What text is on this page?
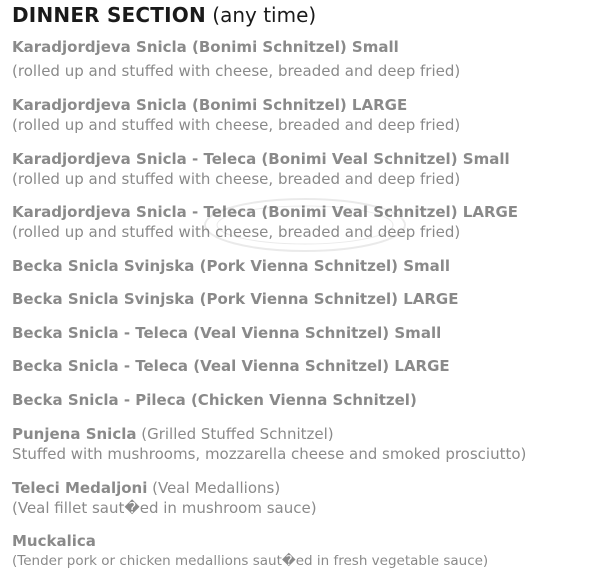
DINNER SECTION (any time)
Karadjordjeva Snicla (Bonimi Schnitzel) Small
(rolled up and stuffed with cheese, breaded and deep fried)
Karadjordjeva Snicla (Bonimi Schnitzel) LARGE
(rolled up and stuffed with cheese, breaded and deep fried)
Karadjordjeva Snicla - Teleca (Bonimi Veal Schnitzel) Small
(rolled up and stuffed with cheese, breaded and deep fried)
Karadjordjeva Snicla - Teleca (Bonimi Veal Schnitzel) LARGE
(rolled up and stuffed with cheese, breaded and deep fried)
Becka Snicla Svinjska (Pork Vienna Schnitzel) Small
Becka Snicla Svinjska (Pork Vienna Schnitzel) LARGE
Becka Snicla - Teleca (Veal Vienna Schnitzel) Small
Becka Snicla - Teleca (Veal Vienna Schnitzel) LARGE
Becka Snicla - Pileca (Chicken Vienna Schnitzel)
Punjena Snicla (Grilled Stuffed Schnitzel)
Stuffed with mushrooms, mozzarella cheese and smoked prosciutto)
Teleci Medaljoni (Veal Medallions)
(Veal fillet saut�ed in mushroom sauce)
Muckalica
(Tender pork or chicken medallions saut�ed in fresh vegetable sauce)
